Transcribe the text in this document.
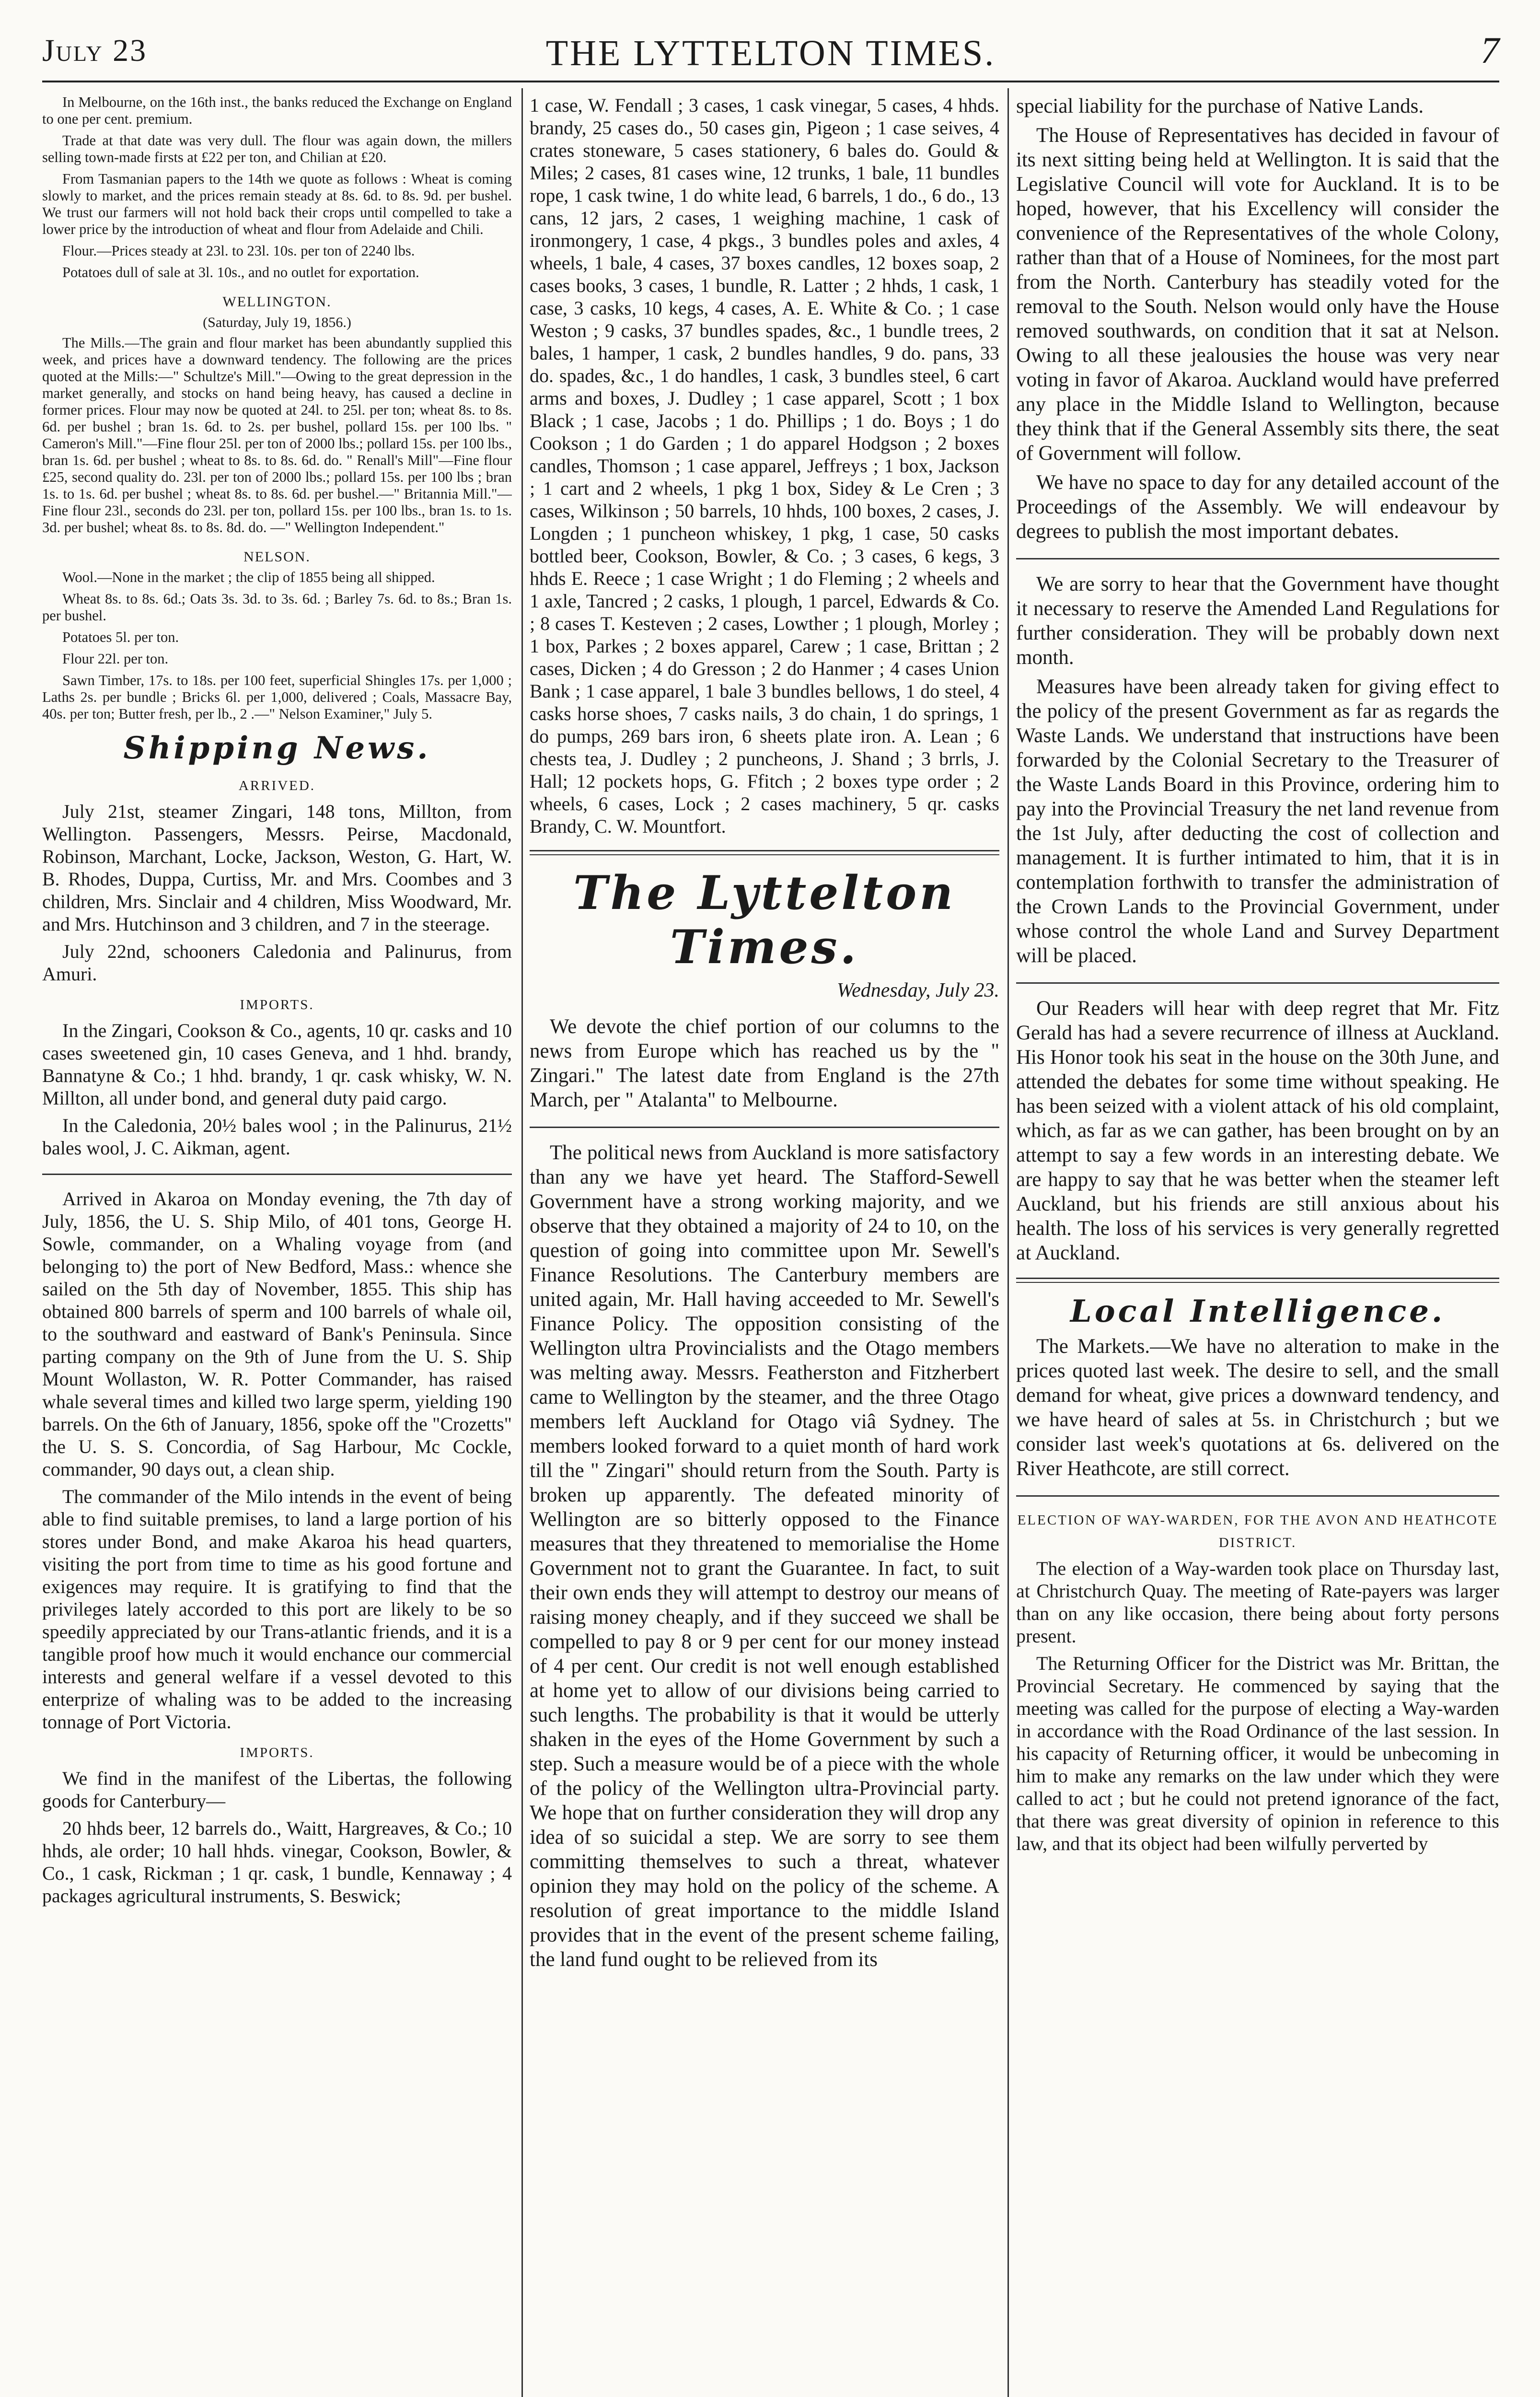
July 23	THE LYTTELTON TIMES.	7

In Melbourne, on the 16th inst., the banks reduced the Exchange on England to one per cent. premium.

Trade at that date was very dull. The flour was again down, the millers selling town-made firsts at £22 per ton, and Chilian at £20.

From Tasmanian papers to the 14th we quote as follows : Wheat is coming slowly to market, and the prices remain steady at 8s. 6d. to 8s. 9d. per bushel. We trust our farmers will not hold back their crops until compelled to take a lower price by the introduction of wheat and flour from Adelaide and Chili.

Flour.—Prices steady at 23l. to 23l. 10s. per ton of 2240 lbs.

Potatoes dull of sale at 3l. 10s., and no outlet for exportation.

WELLINGTON.
(Saturday, July 19, 1856.)

The Mills.—The grain and flour market has been abundantly supplied this week, and prices have a downward tendency. The following are the prices quoted at the Mills:—" Schultze's Mill."—Owing to the great depression in the market generally, and stocks on hand being heavy, has caused a decline in former prices. Flour may now be quoted at 24l. to 25l. per ton; wheat 8s. to 8s. 6d. per bushel ; bran 1s. 6d. to 2s. per bushel, pollard 15s. per 100 lbs. " Cameron's Mill."—Fine flour 25l. per ton of 2000 lbs.; pollard 15s. per 100 lbs., bran 1s. 6d. per bushel ; wheat to 8s. to 8s. 6d. do. " Renall's Mill"—Fine flour £25, second quality do. 23l. per ton of 2000 lbs.; pollard 15s. per 100 lbs ; bran 1s. to 1s. 6d. per bushel ; wheat 8s. to 8s. 6d. per bushel.—" Britannia Mill."—Fine flour 23l., seconds do 23l. per ton, pollard 15s. per 100 lbs., bran 1s. to 1s. 3d. per bushel; wheat 8s. to 8s. 8d. do. —" Wellington Independent."

NELSON.

Wool.—None in the market ; the clip of 1855 being all shipped.

Wheat 8s. to 8s. 6d.; Oats 3s. 3d. to 3s. 6d. ; Barley 7s. 6d. to 8s.; Bran 1s. per bushel.

Potatoes 5l. per ton.

Flour 22l. per ton.

Sawn Timber, 17s. to 18s. per 100 feet, superficial Shingles 17s. per 1,000 ; Laths 2s. per bundle ; Bricks 6l. per 1,000, delivered ; Coals, Massacre Bay, 40s. per ton; Butter fresh, per lb., 2 .—" Nelson Examiner," July 5.

Shipping News.
ARRIVED.

July 21st, steamer Zingari, 148 tons, Millton, from Wellington. Passengers, Messrs. Peirse, Macdonald, Robinson, Marchant, Locke, Jackson, Weston, G. Hart, W. B. Rhodes, Duppa, Curtiss, Mr. and Mrs. Coombes and 3 children, Mrs. Sinclair and 4 children, Miss Woodward, Mr. and Mrs. Hutchinson and 3 children, and 7 in the steerage.

July 22nd, schooners Caledonia and Palinurus, from Amuri.

IMPORTS.

In the Zingari, Cookson & Co., agents, 10 qr. casks and 10 cases sweetened gin, 10 cases Geneva, and 1 hhd. brandy, Bannatyne & Co.; 1 hhd. brandy, 1 qr. cask whisky, W. N. Millton, all under bond, and general duty paid cargo.

In the Caledonia, 20½ bales wool ; in the Palinurus, 21½ bales wool, J. C. Aikman, agent.

Arrived in Akaroa on Monday evening, the 7th day of July, 1856, the U. S. Ship Milo, of 401 tons, George H. Sowle, commander, on a Whaling voyage from (and belonging to) the port of New Bedford, Mass.: whence she sailed on the 5th day of November, 1855. This ship has obtained 800 barrels of sperm and 100 barrels of whale oil, to the southward and eastward of Bank's Peninsula. Since parting company on the 9th of June from the U. S. Ship Mount Wollaston, W. R. Potter Commander, has raised whale several times and killed two large sperm, yielding 190 barrels. On the 6th of January, 1856, spoke off the "Crozetts" the U. S. S. Concordia, of Sag Harbour, Mc Cockle, commander, 90 days out, a clean ship.

The commander of the Milo intends in the event of being able to find suitable premises, to land a large portion of his stores under Bond, and make Akaroa his head quarters, visiting the port from time to time as his good fortune and exigences may require. It is gratifying to find that the privileges lately accorded to this port are likely to be so speedily appreciated by our Trans-atlantic friends, and it is a tangible proof how much it would enchance our commercial interests and general welfare if a vessel devoted to this enterprize of whaling was to be added to the increasing tonnage of Port Victoria.

IMPORTS.

We find in the manifest of the Libertas, the following goods for Canterbury—

20 hhds beer, 12 barrels do., Waitt, Hargreaves, & Co.; 10 hhds, ale order; 10 hall hhds. vinegar, Cookson, Bowler, & Co., 1 cask, Rickman ; 1 qr. cask, 1 bundle, Kennaway ; 4 packages agricultural instruments, S. Beswick;

1 case, W. Fendall ; 3 cases, 1 cask vinegar, 5 cases, 4 hhds. brandy, 25 cases do., 50 cases gin, Pigeon ; 1 case seives, 4 crates stoneware, 5 cases stationery, 6 bales do. Gould & Miles; 2 cases, 81 cases wine, 12 trunks, 1 bale, 11 bundles rope, 1 cask twine, 1 do white lead, 6 barrels, 1 do., 6 do., 13 cans, 12 jars, 2 cases, 1 weighing machine, 1 cask of ironmongery, 1 case, 4 pkgs., 3 bundles poles and axles, 4 wheels, 1 bale, 4 cases, 37 boxes candles, 12 boxes soap, 2 cases books, 3 cases, 1 bundle, R. Latter ; 2 hhds, 1 cask, 1 case, 3 casks, 10 kegs, 4 cases, A. E. White & Co. ; 1 case Weston ; 9 casks, 37 bundles spades, &c., 1 bundle trees, 2 bales, 1 hamper, 1 cask, 2 bundles handles, 9 do. pans, 33 do. spades, &c., 1 do handles, 1 cask, 3 bundles steel, 6 cart arms and boxes, J. Dudley ; 1 case apparel, Scott ; 1 box Black ; 1 case, Jacobs ; 1 do. Phillips ; 1 do. Boys ; 1 do Cookson ; 1 do Garden ; 1 do apparel Hodgson ; 2 boxes candles, Thomson ; 1 case apparel, Jeffreys ; 1 box, Jackson ; 1 cart and 2 wheels, 1 pkg 1 box, Sidey & Le Cren ; 3 cases, Wilkinson ; 50 barrels, 10 hhds, 100 boxes, 2 cases, J. Longden ; 1 puncheon whiskey, 1 pkg, 1 case, 50 casks bottled beer, Cookson, Bowler, & Co. ; 3 cases, 6 kegs, 3 hhds E. Reece ; 1 case Wright ; 1 do Fleming ; 2 wheels and 1 axle, Tancred ; 2 casks, 1 plough, 1 parcel, Edwards & Co. ; 8 cases T. Kesteven ; 2 cases, Lowther ; 1 plough, Morley ; 1 box, Parkes ; 2 boxes apparel, Carew ; 1 case, Brittan ; 2 cases, Dicken ; 4 do Gresson ; 2 do Hanmer ; 4 cases Union Bank ; 1 case apparel, 1 bale 3 bundles bellows, 1 do steel, 4 casks horse shoes, 7 casks nails, 3 do chain, 1 do springs, 1 do pumps, 269 bars iron, 6 sheets plate iron. A. Lean ; 6 chests tea, J. Dudley ; 2 puncheons, J. Shand ; 3 brrls, J. Hall; 12 pockets hops, G. Ffitch ; 2 boxes type order ; 2 wheels, 6 cases, Lock ; 2 cases machinery, 5 qr. casks Brandy, C. W. Mountfort.

The Lyttelton Times.
Wednesday, July 23.

We devote the chief portion of our columns to the news from Europe which has reached us by the " Zingari." The latest date from England is the 27th March, per " Atalanta" to Melbourne.

The political news from Auckland is more satisfactory than any we have yet heard. The Stafford-Sewell Government have a strong working majority, and we observe that they obtained a majority of 24 to 10, on the question of going into committee upon Mr. Sewell's Finance Resolutions. The Canterbury members are united again, Mr. Hall having acceeded to Mr. Sewell's Finance Policy. The opposition consisting of the Wellington ultra Provincialists and the Otago members was melting away. Messrs. Featherston and Fitzherbert came to Wellington by the steamer, and the three Otago members left Auckland for Otago viâ Sydney. The members looked forward to a quiet month of hard work till the " Zingari" should return from the South. Party is broken up apparently. The defeated minority of Wellington are so bitterly opposed to the Finance measures that they threatened to memorialise the Home Government not to grant the Guarantee. In fact, to suit their own ends they will attempt to destroy our means of raising money cheaply, and if they succeed we shall be compelled to pay 8 or 9 per cent for our money instead of 4 per cent. Our credit is not well enough established at home yet to allow of our divisions being carried to such lengths. The probability is that it would be utterly shaken in the eyes of the Home Government by such a step. Such a measure would be of a piece with the whole of the policy of the Wellington ultra-Provincial party. We hope that on further consideration they will drop any idea of so suicidal a step. We are sorry to see them committing themselves to such a threat, whatever opinion they may hold on the policy of the scheme. A resolution of great importance to the middle Island provides that in the event of the present scheme failing, the land fund ought to be relieved from its

special liability for the purchase of Native Lands.

The House of Representatives has decided in favour of its next sitting being held at Wellington. It is said that the Legislative Council will vote for Auckland. It is to be hoped, however, that his Excellency will consider the convenience of the Representatives of the whole Colony, rather than that of a House of Nominees, for the most part from the North. Canterbury has steadily voted for the removal to the South. Nelson would only have the House removed southwards, on condition that it sat at Nelson. Owing to all these jealousies the house was very near voting in favor of Akaroa. Auckland would have preferred any place in the Middle Island to Wellington, because they think that if the General Assembly sits there, the seat of Government will follow.

We have no space to day for any detailed account of the Proceedings of the Assembly. We will endeavour by degrees to publish the most important debates.

We are sorry to hear that the Government have thought it necessary to reserve the Amended Land Regulations for further consideration. They will be probably down next month.

Measures have been already taken for giving effect to the policy of the present Government as far as regards the Waste Lands. We understand that instructions have been forwarded by the Colonial Secretary to the Treasurer of the Waste Lands Board in this Province, ordering him to pay into the Provincial Treasury the net land revenue from the 1st July, after deducting the cost of collection and management. It is further intimated to him, that it is in contemplation forthwith to transfer the administration of the Crown Lands to the Provincial Government, under whose control the whole Land and Survey Department will be placed.

Our Readers will hear with deep regret that Mr. Fitz Gerald has had a severe recurrence of illness at Auckland. His Honor took his seat in the house on the 30th June, and attended the debates for some time without speaking. He has been seized with a violent attack of his old complaint, which, as far as we can gather, has been brought on by an attempt to say a few words in an interesting debate. We are happy to say that he was better when the steamer left Auckland, but his friends are still anxious about his health. The loss of his services is very generally regretted at Auckland.

Local Intelligence.

The Markets.—We have no alteration to make in the prices quoted last week. The desire to sell, and the small demand for wheat, give prices a downward tendency, and we have heard of sales at 5s. in Christchurch ; but we consider last week's quotations at 6s. delivered on the River Heathcote, are still correct.

ELECTION OF WAY-WARDEN, FOR THE AVON AND HEATHCOTE DISTRICT.

The election of a Way-warden took place on Thursday last, at Christchurch Quay. The meeting of Rate-payers was larger than on any like occasion, there being about forty persons present.

The Returning Officer for the District was Mr. Brittan, the Provincial Secretary. He commenced by saying that the meeting was called for the purpose of electing a Way-warden in accordance with the Road Ordinance of the last session. In his capacity of Returning officer, it would be unbecoming in him to make any remarks on the law under which they were called to act ; but he could not pretend ignorance of the fact, that there was great diversity of opinion in reference to this law, and that its object had been wilfully perverted by
